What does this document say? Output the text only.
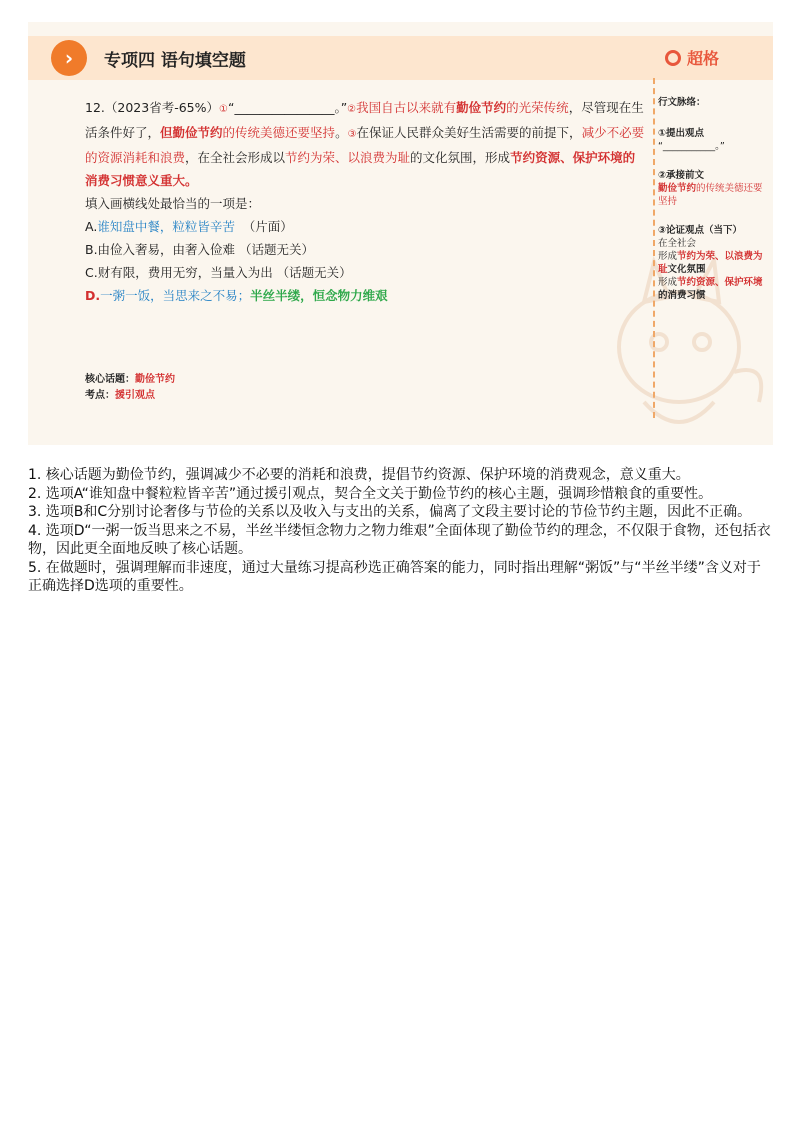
›	专项四 语句填空题	超格

12.（2023省考-65%）①“________________。”②我国自古以来就有勤俭节约的光荣传统，尽管现在生活条件好了，但勤俭节约的传统美德还要坚持。③在保证人民群众美好生活需要的前提下，减少不必要的资源消耗和浪费，在全社会形成以节约为荣、以浪费为耻的文化氛围，形成节约资源、保护环境的消费习惯意义重大。

填入画横线处最恰当的一项是：

A.谁知盘中餐，粒粒皆辛苦 （片面）

B.由俭入奢易，由奢入俭难 （话题无关）

C.财有限，费用无穷，当量入为出 （话题无关）

D.一粥一饭，当思来之不易；半丝半缕，恒念物力维艰

行文脉络：
①提出观点
“___________。”
②承接前文
勤俭节约的传统美德还要坚持
③论证观点（当下）
在全社会
形成节约为荣、以浪费为耻文化氛围
形成节约资源、保护环境的消费习惯
核心话题：勤俭节约
考点：援引观点

1. 核心话题为勤俭节约，强调减少不必要的消耗和浪费，提倡节约资源、保护环境的消费观念，意义重大。

2. 选项A“谁知盘中餐粒粒皆辛苦”通过援引观点，契合全文关于勤俭节约的核心主题，强调珍惜粮食的重要性。

3. 选项B和C分别讨论奢侈与节俭的关系以及收入与支出的关系，偏离了文段主要讨论的节俭节约主题，因此不正确。

4. 选项D“一粥一饭当思来之不易，半丝半缕恒念物力之物力维艰”全面体现了勤俭节约的理念，不仅限于食物，还包括衣物，因此更全面地反映了核心话题。

5. 在做题时，强调理解而非速度，通过大量练习提高秒选正确答案的能力，同时指出理解“粥饭”与“半丝半缕”含义对于正确选择D选项的重要性。
